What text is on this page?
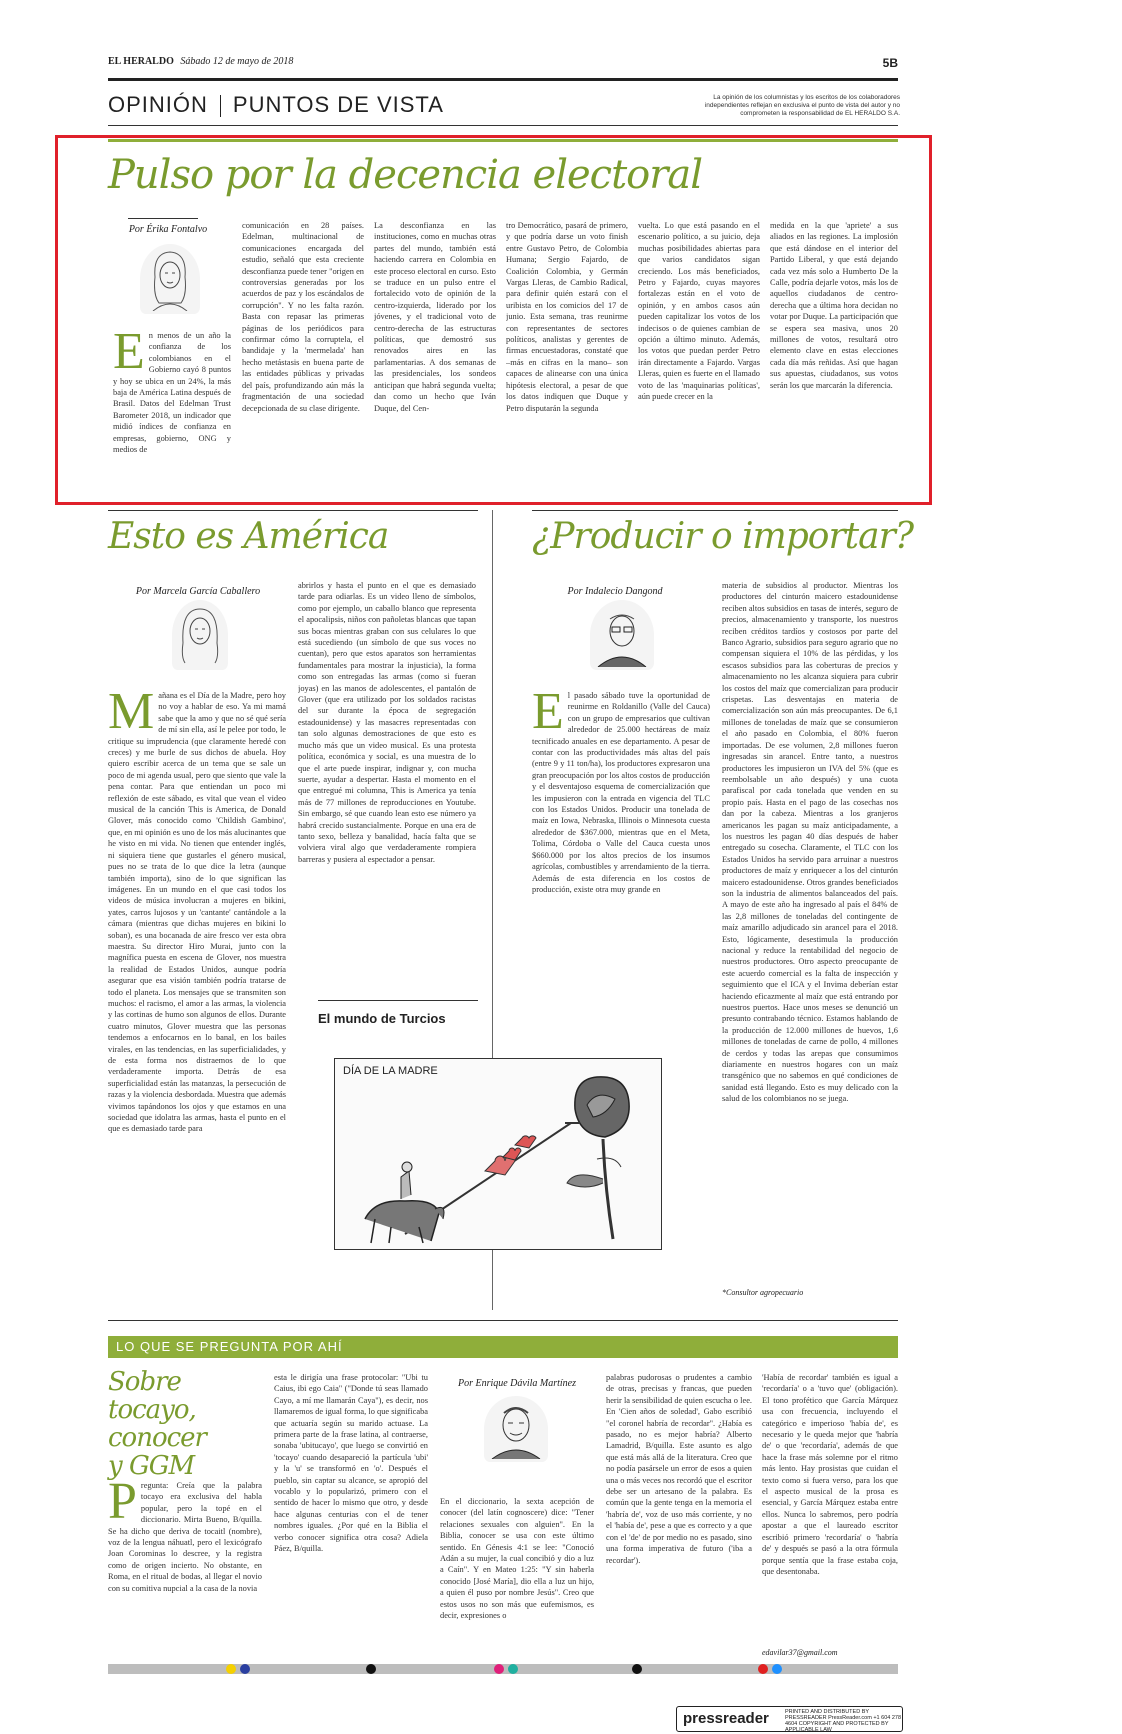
EL HERALDO Sábado 12 de mayo de 2018	5B
OPINIÓN PUNTOS DE VISTA	La opinión de los columnistas y los escritos de los colaboradores independientes reflejan en exclusiva el punto de vista del autor y no comprometen la responsabilidad de EL HERALDO S.A.
Pulso por la decencia electoral
Por Érika Fontalvo
En menos de un año la confianza de los colombianos en el Gobierno cayó 8 puntos y hoy se ubica en un 24%, la más baja de América Latina después de Brasil. Datos del Edelman Trust Barometer 2018, un indicador que midió índices de confianza en empresas, gobierno, ONG y medios de
comunicación en 28 países. Edelman, multinacional de comunicaciones encargada del estudio, señaló que esta creciente desconfianza puede tener "origen en controversias generadas por los acuerdos de paz y los escándalos de corrupción". Y no les falta razón. Basta con repasar las primeras páginas de los periódicos para confirmar cómo la corruptela, el bandidaje y la 'mermelada' han hecho metástasis en buena parte de las entidades públicas y privadas del país, profundizando aún más la fragmentación de una sociedad decepcionada de su clase dirigente.
La desconfianza en las instituciones, como en muchas otras partes del mundo, también está haciendo carrera en Colombia en este proceso electoral en curso. Esto se traduce en un pulso entre el fortalecido voto de opinión de la centro-izquierda, liderado por los jóvenes, y el tradicional voto de centro-derecha de las estructuras políticas, que demostró sus renovados aires en las parlamentarias. A dos semanas de las presidenciales, los sondeos anticipan que habrá segunda vuelta; dan como un hecho que Iván Duque, del Cen-
tro Democrático, pasará de primero, y que podría darse un voto finish entre Gustavo Petro, de Colombia Humana; Sergio Fajardo, de Coalición Colombia, y Germán Vargas Lleras, de Cambio Radical, para definir quién estará con el uribista en los comicios del 17 de junio. Esta semana, tras reunirme con representantes de sectores políticos, analistas y gerentes de firmas encuestadoras, constaté que –más en cifras en la mano– son capaces de alinearse con una única hipótesis electoral, a pesar de que los datos indiquen que Duque y Petro disputarán la segunda
vuelta. Lo que está pasando en el escenario político, a su juicio, deja muchas posibilidades abiertas para que varios candidatos sigan creciendo. Los más beneficiados, Petro y Fajardo, cuyas mayores fortalezas están en el voto de opinión, y en ambos casos aún pueden capitalizar los votos de los indecisos o de quienes cambian de opción a último minuto. Además, los votos que puedan perder Petro irán directamente a Fajardo. Vargas Lleras, quien es fuerte en el llamado voto de las 'maquinarias políticas', aún puede crecer en la
medida en la que 'apriete' a sus aliados en las regiones. La implosión que está dándose en el interior del Partido Liberal, y que está dejando cada vez más solo a Humberto De la Calle, podría dejarle votos, más los de aquellos ciudadanos de centro-derecha que a última hora decidan no votar por Duque. La participación que se espera sea masiva, unos 20 millones de votos, resultará otro elemento clave en estas elecciones cada día más reñidas. Así que hagan sus apuestas, ciudadanos, sus votos serán los que marcarán la diferencia.
Esto es América
Por Marcela García Caballero
Mañana es el Día de la Madre, pero hoy no voy a hablar de eso. Ya mi mamá sabe que la amo y que no sé qué sería de mí sin ella, así le pelee por todo, le critique su imprudencia (que claramente heredé con creces) y me burle de sus dichos de abuela. Hoy quiero escribir acerca de un tema que se sale un poco de mi agenda usual, pero que siento que vale la pena contar. Para que entiendan un poco mi reflexión de este sábado, es vital que vean el video musical de la canción This is America, de Donald Glover, más conocido como 'Childish Gambino', que, en mi opinión es uno de los más alucinantes que he visto en mi vida. No tienen que entender inglés, ni siquiera tiene que gustarles el género musical, pues no se trata de lo que dice la letra (aunque también importa), sino de lo que significan las imágenes. En un mundo en el que casi todos los videos de música involucran a mujeres en bikini, yates, carros lujosos y un 'cantante' cantándole a la cámara (mientras que dichas mujeres en bikini lo soban), es una bocanada de aire fresco ver esta obra maestra. Su director Hiro Murai, junto con la magnífica puesta en escena de Glover, nos muestra la realidad de Estados Unidos, aunque podría asegurar que esa visión también podría tratarse de todo el planeta. Los mensajes que se transmiten son muchos: el racismo, el amor a las armas, la violencia y las cortinas de humo son algunos de ellos. Durante cuatro minutos, Glover muestra que las personas tendemos a enfocarnos en lo banal, en los bailes virales, en las tendencias, en las superficialidades, y de esta forma nos distraemos de lo que verdaderamente importa. Detrás de esa superficialidad están las matanzas, la persecución de razas y la violencia desbordada. Muestra que además vivimos tapándonos los ojos y que estamos en una sociedad que idolatra las armas, hasta el punto en el que es demasiado tarde para
abrirlos y hasta el punto en el que es demasiado tarde para odiarlas. Es un video lleno de símbolos, como por ejemplo, un caballo blanco que representa el apocalipsis, niños con pañoletas blancas que tapan sus bocas mientras graban con sus celulares lo que está sucediendo (un símbolo de que sus voces no cuentan), pero que estos aparatos son herramientas fundamentales para mostrar la injusticia), la forma como son entregadas las armas (como si fueran joyas) en las manos de adolescentes, el pantalón de Glover (que era utilizado por los soldados racistas del sur durante la época de segregación estadounidense) y las masacres representadas con tan solo algunas demostraciones de que esto es mucho más que un video musical. Es una protesta política, económica y social, es una muestra de lo que el arte puede inspirar, indignar y, con mucha suerte, ayudar a despertar. Hasta el momento en el que entregué mi columna, This is America ya tenía más de 77 millones de reproducciones en Youtube. Sin embargo, sé que cuando lean esto ese número ya habrá crecido sustancialmente. Porque en una era de tanto sexo, belleza y banalidad, hacía falta que se volviera viral algo que verdaderamente rompiera barreras y pusiera al espectador a pensar.
El mundo de Turcios
DÍA DE LA MADRE
¿Producir o importar?
Por Indalecio Dangond
El pasado sábado tuve la oportunidad de reunirme en Roldanillo (Valle del Cauca) con un grupo de empresarios que cultivan alrededor de 25.000 hectáreas de maíz tecnificado anuales en ese departamento. A pesar de contar con las productividades más altas del país (entre 9 y 11 ton/ha), los productores expresaron una gran preocupación por los altos costos de producción y el desventajoso esquema de comercialización que les impusieron con la entrada en vigencia del TLC con los Estados Unidos. Producir una tonelada de maíz en Iowa, Nebraska, Illinois o Minnesota cuesta alrededor de $367.000, mientras que en el Meta, Tolima, Córdoba o Valle del Cauca cuesta unos $660.000 por los altos precios de los insumos agrícolas, combustibles y arrendamiento de la tierra. Además de esta diferencia en los costos de producción, existe otra muy grande en
materia de subsidios al productor. Mientras los productores del cinturón maicero estadounidense reciben altos subsidios en tasas de interés, seguro de precios, almacenamiento y transporte, los nuestros reciben créditos tardíos y costosos por parte del Banco Agrario, subsidios para seguro agrario que no compensan siquiera el 10% de las pérdidas, y los escasos subsidios para las coberturas de precios y almacenamiento no les alcanza siquiera para cubrir los costos del maíz que comercializan para producir crispetas. Las desventajas en materia de comercialización son aún más preocupantes. De 6,1 millones de toneladas de maíz que se consumieron el año pasado en Colombia, el 80% fueron importadas. De ese volumen, 2,8 millones fueron ingresadas sin arancel. Entre tanto, a nuestros productores les impusieron un IVA del 5% (que es reembolsable un año después) y una cuota parafiscal por cada tonelada que venden en su propio país. Hasta en el pago de las cosechas nos dan por la cabeza. Mientras a los granjeros americanos les pagan su maíz anticipadamente, a los nuestros les pagan 40 días después de haber entregado su cosecha. Claramente, el TLC con los Estados Unidos ha servido para arruinar a nuestros productores de maíz y enriquecer a los del cinturón maicero estadounidense. Otros grandes beneficiados son la industria de alimentos balanceados del país. A mayo de este año ha ingresado al país el 84% de las 2,8 millones de toneladas del contingente de maíz amarillo adjudicado sin arancel para el 2018. Esto, lógicamente, desestimula la producción nacional y reduce la rentabilidad del negocio de nuestros productores. Otro aspecto preocupante de este acuerdo comercial es la falta de inspección y seguimiento que el ICA y el Invima deberían estar haciendo eficazmente al maíz que está entrando por nuestros puertos. Hace unos meses se denunció un presunto contrabando técnico. Estamos hablando de la producción de 12.000 millones de huevos, 1,6 millones de toneladas de carne de pollo, 4 millones de cerdos y todas las arepas que consumimos diariamente en nuestros hogares con un maíz transgénico que no sabemos en qué condiciones de sanidad está llegando. Esto es muy delicado con la salud de los colombianos no se juega.
*Consultor agropecuario
LO QUE SE PREGUNTA POR AHÍ
Sobre tocayo,
conocer
y GGM
Pregunta: Creía que la palabra tocayo era exclusiva del habla popular, pero la topé en el diccionario. Mirta Bueno, B/quilla. Se ha dicho que deriva de tocaitl (nombre), voz de la lengua náhuatl, pero el lexicógrafo Joan Corominas lo descree, y la registra como de origen incierto. No obstante, en Roma, en el ritual de bodas, al llegar el novio con su comitiva nupcial a la casa de la novia
esta le dirigía una frase protocolar: "Ubi tu Caius, ibi ego Caia" ("Donde tú seas llamado Cayo, a mí me llamarán Caya"), es decir, nos llamaremos de igual forma, lo que significaba que actuaría según su marido actuase. La primera parte de la frase latina, al contraerse, sonaba 'ubitucayo', que luego se convirtió en 'tocayo' cuando desapareció la partícula 'ubi' y la 'u' se transformó en 'o'. Después el pueblo, sin captar su alcance, se apropió del vocablo y lo popularizó, primero con el sentido de hacer lo mismo que otro, y desde hace algunas centurias con el de tener nombres iguales. ¿Por qué en la Biblia el verbo conocer significa otra cosa? Adiela Páez, B/quilla.
Por Enrique Dávila Martínez
En el diccionario, la sexta acepción de conocer (del latín cognoscere) dice: "Tener relaciones sexuales con alguien". En la Biblia, conocer se usa con este último sentido. En Génesis 4:1 se lee: "Conoció Adán a su mujer, la cual concibió y dio a luz a Caín". Y en Mateo 1:25: "Y sin haberla conocido [José María], dio ella a luz un hijo, a quien él puso por nombre Jesús". Creo que estos usos no son más que eufemismos, es decir, expresiones o
palabras pudorosas o prudentes a cambio de otras, precisas y francas, que pueden herir la sensibilidad de quien escucha o lee. En 'Cien años de soledad', Gabo escribió "el coronel habría de recordar". ¿Había es pasado, no es mejor habría? Alberto Lamadrid, B/quilla. Este asunto es algo que está más allá de la literatura. Creo que no podía pasársele un error de esos a quien una o más veces nos recordó que el escritor debe ser un artesano de la palabra. Es común que la gente tenga en la memoria el 'habría de', voz de uso más corriente, y no el 'había de', pese a que es correcto y a que con el 'de' de por medio no es pasado, sino una forma imperativa de futuro ('iba a recordar').
'Había de recordar' también es igual a 'recordaría' o a 'tuvo que' (obligación). El tono profético que García Márquez usa con frecuencia, incluyendo el categórico e imperioso 'había de', es necesario y le queda mejor que 'habría de' o que 'recordaría', además de que hace la frase más solemne por el ritmo más lento. Hay prosistas que cuidan el texto como si fuera verso, para los que el aspecto musical de la prosa es esencial, y García Márquez estaba entre ellos. Nunca lo sabremos, pero podría apostar a que el laureado escritor escribió primero 'recordaría' o 'habría de' y después se pasó a la otra fórmula porque sentía que la frase estaba coja, que desentonaba.
edavilar37@gmail.com
pressreader	PRINTED AND DISTRIBUTED BY PRESSREADER PressReader.com +1 604 278 4604 COPYRIGHT AND PROTECTED BY APPLICABLE LAW
